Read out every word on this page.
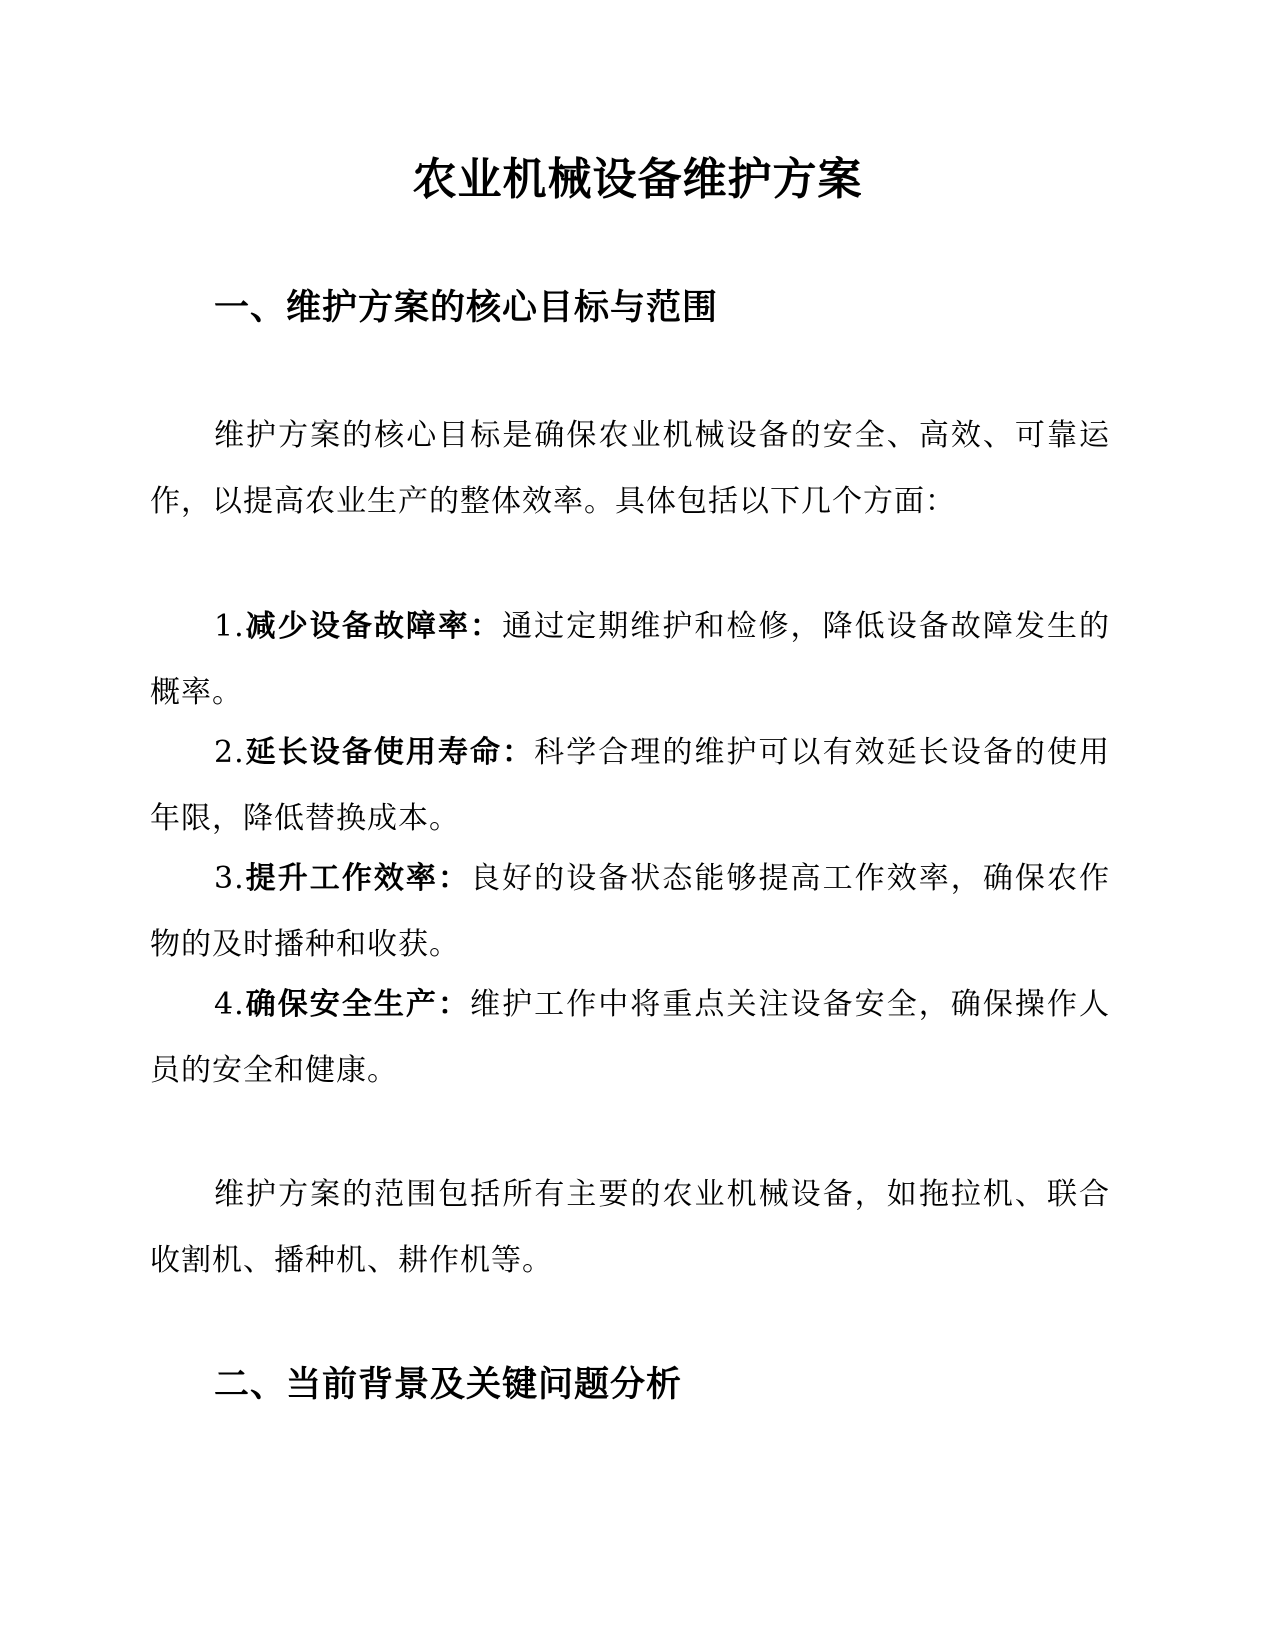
农业机械设备维护方案
一、维护方案的核心目标与范围

维护方案的核心目标是确保农业机械设备的安全、高效、可靠运作，以提高农业生产的整体效率。具体包括以下几个方面：

1.减少设备故障率：通过定期维护和检修，降低设备故障发生的概率。

2.延长设备使用寿命：科学合理的维护可以有效延长设备的使用年限，降低替换成本。

3.提升工作效率：良好的设备状态能够提高工作效率，确保农作物的及时播种和收获。

4.确保安全生产：维护工作中将重点关注设备安全，确保操作人员的安全和健康。

维护方案的范围包括所有主要的农业机械设备，如拖拉机、联合收割机、播种机、耕作机等。

二、当前背景及关键问题分析
